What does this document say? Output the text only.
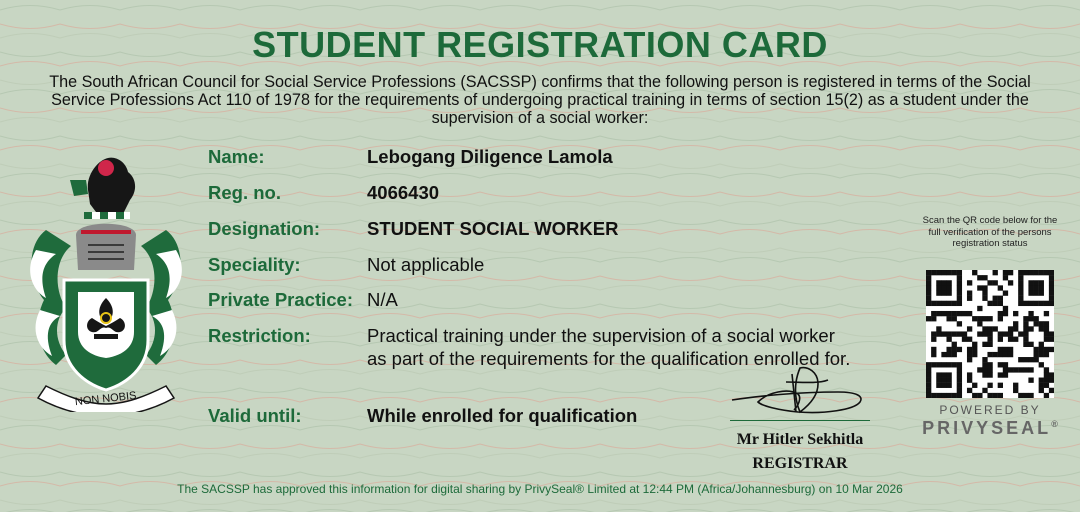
STUDENT REGISTRATION CARD
The South African Council for Social Service Professions (SACSSP) confirms that the following person is registered in terms of the Social Service Professions Act 110 of 1978 for the requirements of undergoing practical training in terms of section 15(2) as a student under the supervision of a social worker:
NON NOBIS
Name:	Lebogang Diligence Lamola
Reg. no.	4066430
Designation:	STUDENT SOCIAL WORKER
Speciality:	Not applicable
Private Practice: N/A
Restriction:	Practical training under the supervision of a social worker
as part of the requirements for the qualification enrolled for.
Valid until:	While enrolled for qualification
Mr Hitler Sekhitla
REGISTRAR
Scan the QR code below for the full verification of the persons registration status
POWERED BY
PRIVYSEAL®
The SACSSP has approved this information for digital sharing by PrivySeal® Limited at 12:44 PM (Africa/Johannesburg) on 10 Mar 2026
